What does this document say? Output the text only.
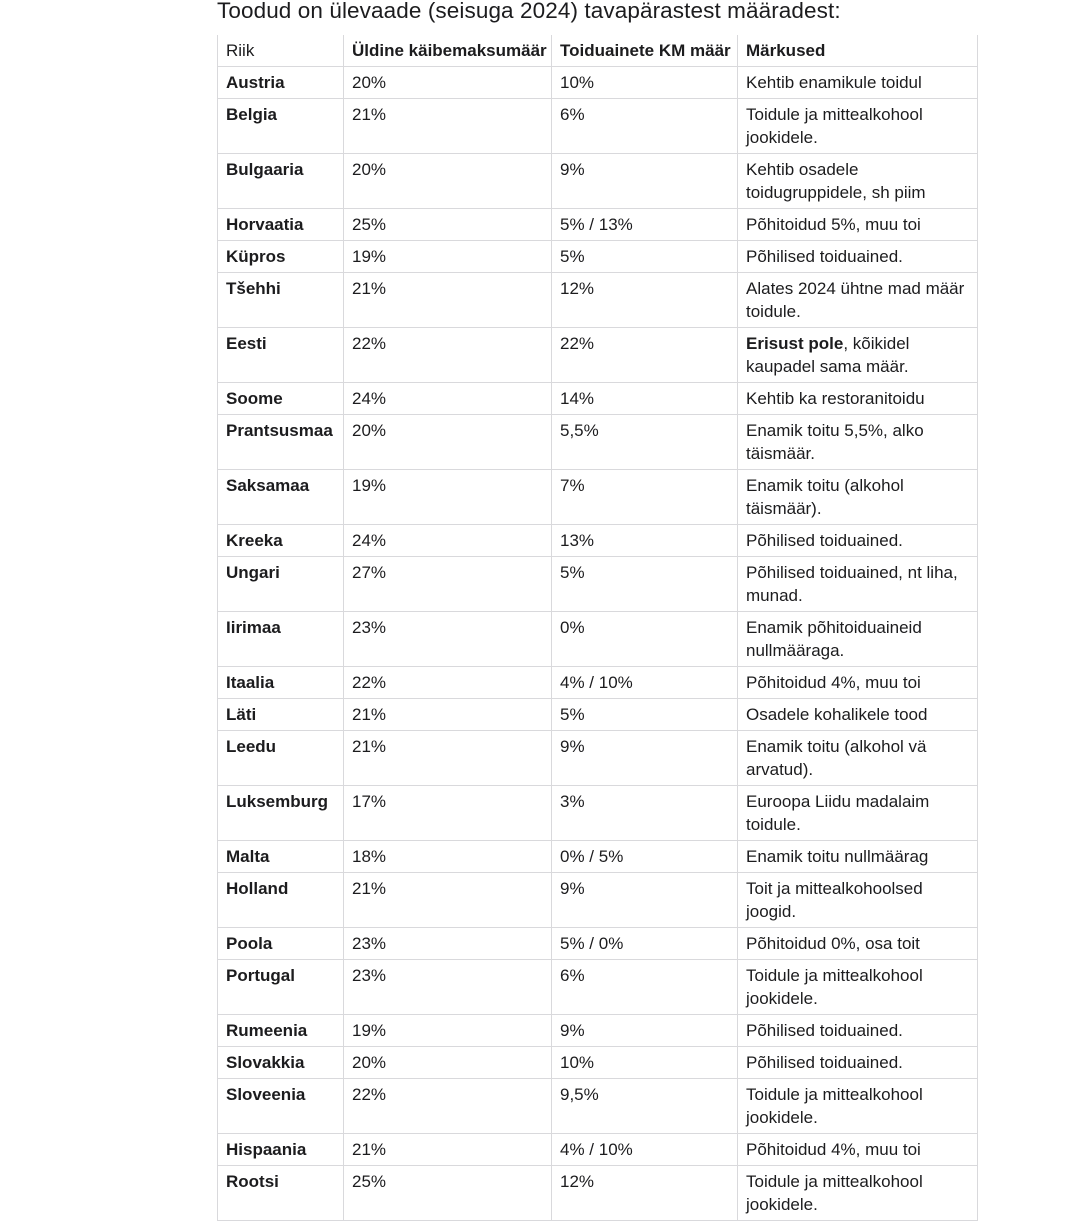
Toodud on ülevaade (seisuga 2024) tavapärastest määradest:
Riik	Üldine käibemaksumäär	Toiduainete KM määr	Märkused
Austria	20%	10%	Kehtib enamikule toidul
Belgia	21%	6%	Toidule ja mittealkohool jookidele.
Bulgaaria	20%	9%	Kehtib osadele toidugruppidele, sh piim
Horvaatia	25%	5% / 13%	Põhitoidud 5%, muu toi
Küpros	19%	5%	Põhilised toiduained.
Tšehhi	21%	12%	Alates 2024 ühtne mad määr toidule.
Eesti	22%	22%	Erisust pole, kõikidel kaupadel sama määr.
Soome	24%	14%	Kehtib ka restoranitoidu
Prantsusmaa	20%	5,5%	Enamik toitu 5,5%, alko täismäär.
Saksamaa	19%	7%	Enamik toitu (alkohol täismäär).
Kreeka	24%	13%	Põhilised toiduained.
Ungari	27%	5%	Põhilised toiduained, nt liha, munad.
Iirimaa	23%	0%	Enamik põhitoiduaineid nullmääraga.
Itaalia	22%	4% / 10%	Põhitoidud 4%, muu toi
Läti	21%	5%	Osadele kohalikele tood
Leedu	21%	9%	Enamik toitu (alkohol vä arvatud).
Luksemburg	17%	3%	Euroopa Liidu madalaim toidule.
Malta	18%	0% / 5%	Enamik toitu nullmäärag
Holland	21%	9%	Toit ja mittealkohoolsed joogid.
Poola	23%	5% / 0%	Põhitoidud 0%, osa toit
Portugal	23%	6%	Toidule ja mittealkohool jookidele.
Rumeenia	19%	9%	Põhilised toiduained.
Slovakkia	20%	10%	Põhilised toiduained.
Sloveenia	22%	9,5%	Toidule ja mittealkohool jookidele.
Hispaania	21%	4% / 10%	Põhitoidud 4%, muu toi
Rootsi	25%	12%	Toidule ja mittealkohool jookidele.
